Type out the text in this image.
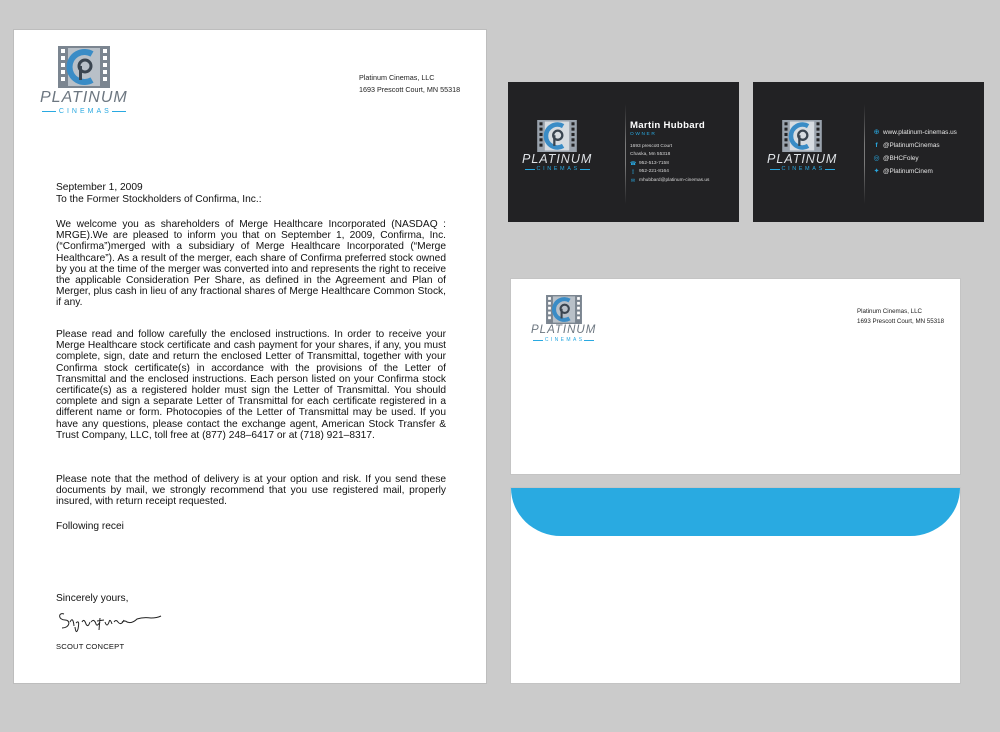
PLATINUM
CINEMAS
Platinum Cinemas, LLC
1693 Prescott Court, MN 55318
September 1, 2009
To the Former Stockholders of Confirma, Inc.:
We welcome you as shareholders of Merge Healthcare Incorporated (NASDAQ : MRGE).We are pleased to inform you that on September 1, 2009, Confirma, Inc. (“Confirma”)merged with a subsidiary of Merge Healthcare Incorporated (“Merge Healthcare”). As a result of the merger, each share of Confirma preferred stock owned by you at the time of the merger was converted into and represents the right to receive the applicable Consideration Per Share, as defined in the Agreement and Plan of Merger, plus cash in lieu of any fractional shares of Merge Healthcare Common Stock, if any.
Please read and follow carefully the enclosed instructions. In order to receive your Merge Healthcare stock certificate and cash payment for your shares, if any, you must complete, sign, date and return the enclosed Letter of Transmittal, together with your Confirma stock certificate(s) in accordance with the provisions of the Letter of Transmittal and the enclosed instructions. Each person listed on your Confirma stock certificate(s) as a registered holder must sign the Letter of Transmittal. You should complete and sign a separate Letter of Transmittal for each certificate registered in a different name or form. Photocopies of the Letter of Transmittal may be used. If you have any questions, please contact the exchange agent, American Stock Transfer & Trust Company, LLC, toll free at (877) 248–6417 or at (718) 921–8317.
Please note that the method of delivery is at your option and risk. If you send these documents by mail, we strongly recommend that you use registered mail, properly insured, with return receipt requested.
Following recei
Sincerely yours,
SCOUT CONCEPT
PLATINUM
CINEMAS
Martin Hubbard
OWNER
1693 prescott Court
Chaska, Mn 55318
☎ 952-513-7158
▯ 952-221-8164
✉ mhubbard@platinum-cinemas.us
PLATINUM
CINEMAS
⊕ www.platinum-cinemas.us
f @PlatinumCinemas
◎ @BHCFoley
✦ @PlatinumCinem
PLATINUM
CINEMAS
Platinum Cinemas, LLC
1693 Prescott Court, MN 55318
